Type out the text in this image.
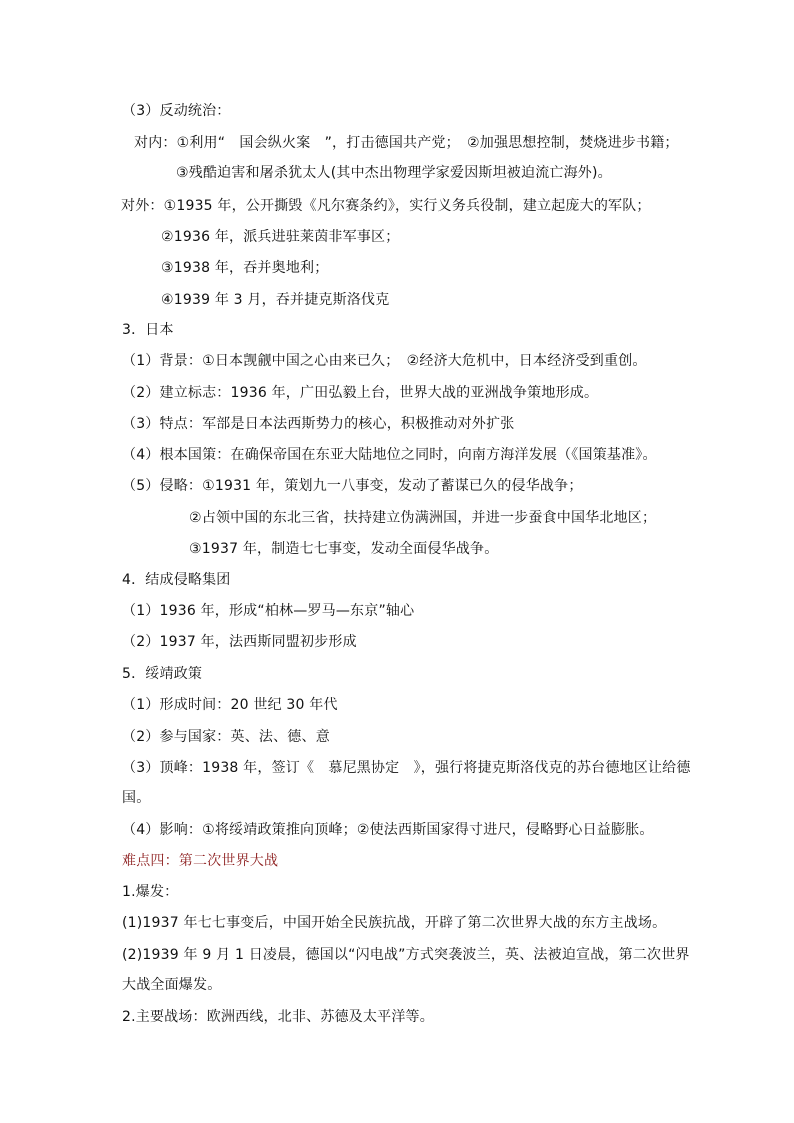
（3）反动统治：
对内：①利用“　国会纵火案　”，打击德国共产党；　②加强思想控制，焚烧进步书籍；
③残酷迫害和屠杀犹太人(其中杰出物理学家爱因斯坦被迫流亡海外)。
对外：①1935 年，公开撕毁《凡尔赛条约》，实行义务兵役制，建立起庞大的军队；
②1936 年，派兵进驻莱茵非军事区；
③1938 年，吞并奥地利；
④1939 年 3 月，吞并捷克斯洛伐克
3．日本
（1）背景：①日本觊觎中国之心由来已久；　②经济大危机中，日本经济受到重创。
（2）建立标志：1936 年，广田弘毅上台，世界大战的亚洲战争策地形成。
（3）特点：军部是日本法西斯势力的核心，积极推动对外扩张
（4）根本国策：在确保帝国在东亚大陆地位之同时，向南方海洋发展（《国策基准》。
（5）侵略：①1931 年，策划九一八事变，发动了蓄谋已久的侵华战争；
②占领中国的东北三省，扶持建立伪满洲国，并进一步蚕食中国华北地区；
③1937 年，制造七七事变，发动全面侵华战争。
4．结成侵略集团
（1）1936 年，形成“柏林—罗马—东京”轴心
（2）1937 年，法西斯同盟初步形成
5．绥靖政策
（1）形成时间：20 世纪 30 年代
（2）参与国家：英、法、德、意
（3）顶峰：1938 年，签订《　慕尼黑协定　》，强行将捷克斯洛伐克的苏台德地区让给德
国。
（4）影响：①将绥靖政策推向顶峰；②使法西斯国家得寸进尺，侵略野心日益膨胀。
难点四：第二次世界大战
1.爆发：
(1)1937 年七七事变后，中国开始全民族抗战，开辟了第二次世界大战的东方主战场。
(2)1939 年 9 月 1 日凌晨，德国以“闪电战”方式突袭波兰，英、法被迫宣战，第二次世界
大战全面爆发。
2.主要战场：欧洲西线，北非、苏德及太平洋等。
